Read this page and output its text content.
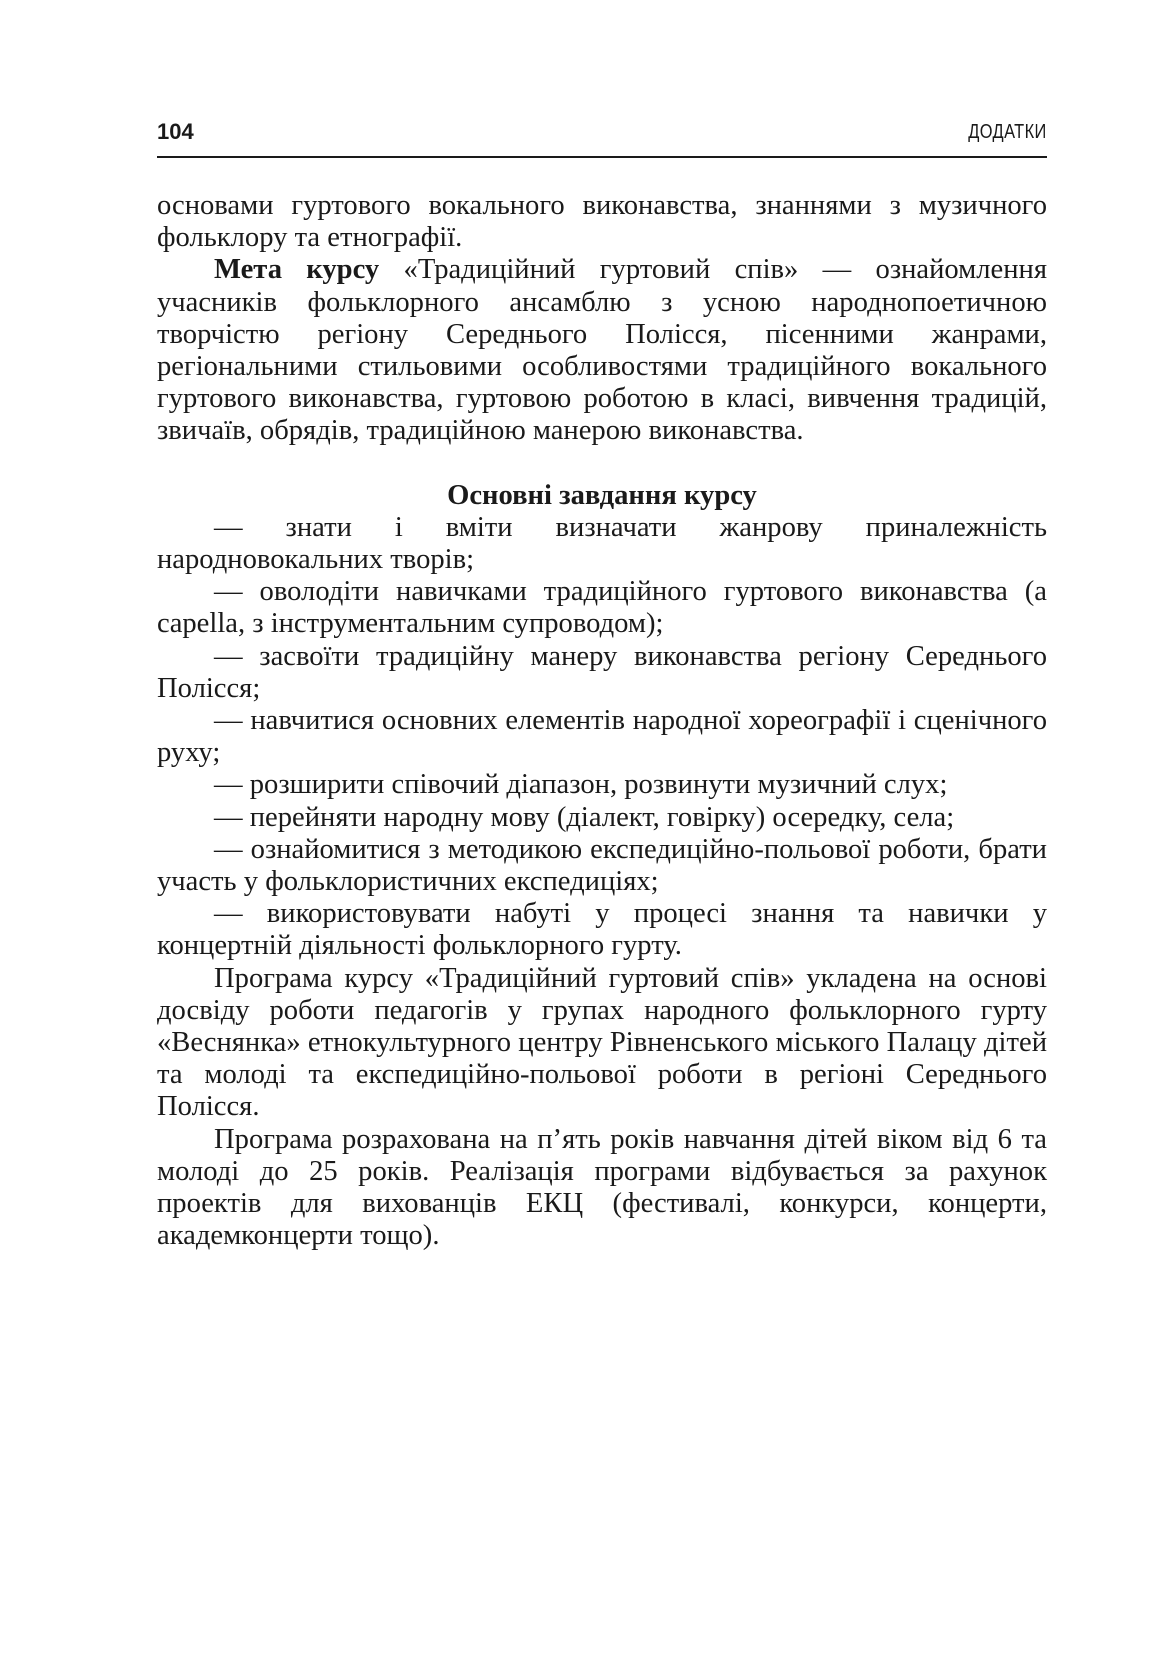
104	ДОДАТКИ

основами гуртового вокального виконавства, знаннями з музичного фольклору та етнографії.

Мета курсу «Традиційний гуртовий спів» — ознайомлення учасників фольклорного ансамблю з усною народнопоетичною творчістю регіону Середнього Полісся, пісенними жанрами, регіональними стильовими особливостями традиційного вокального гуртового виконавства, гуртовою роботою в класі, вивчення традицій, звичаїв, обрядів, традиційною манерою виконавства.

Основні завдання курсу

— знати і вміти визначати жанрову приналежність народновокальних творів;
— оволодіти навичками традиційного гуртового виконавства (a capella, з інструментальним супроводом);
— засвоїти традиційну манеру виконавства регіону Середнього Полісся;
— навчитися основних елементів народної хореографії і сценічного руху;
— розширити співочий діапазон, розвинути музичний слух;
— перейняти народну мову (діалект, говірку) осередку, села;
— ознайомитися з методикою експедиційно-польової роботи, брати участь у фольклористичних експедиціях;
— використовувати набуті у процесі знання та навички у концертній діяльності фольклорного гурту.

Програма курсу «Традиційний гуртовий спів» укладена на основі досвіду роботи педагогів у групах народного фольклорного гурту «Веснянка» етнокультурного центру Рівненського міського Палацу дітей та молоді та експедиційно-польової роботи в регіоні Середнього Полісся.

Програма розрахована на п’ять років навчання дітей віком від 6 та молоді до 25 років. Реалізація програми відбувається за рахунок проектів для вихованців ЕКЦ (фестивалі, конкурси, концерти, академконцерти тощо).
